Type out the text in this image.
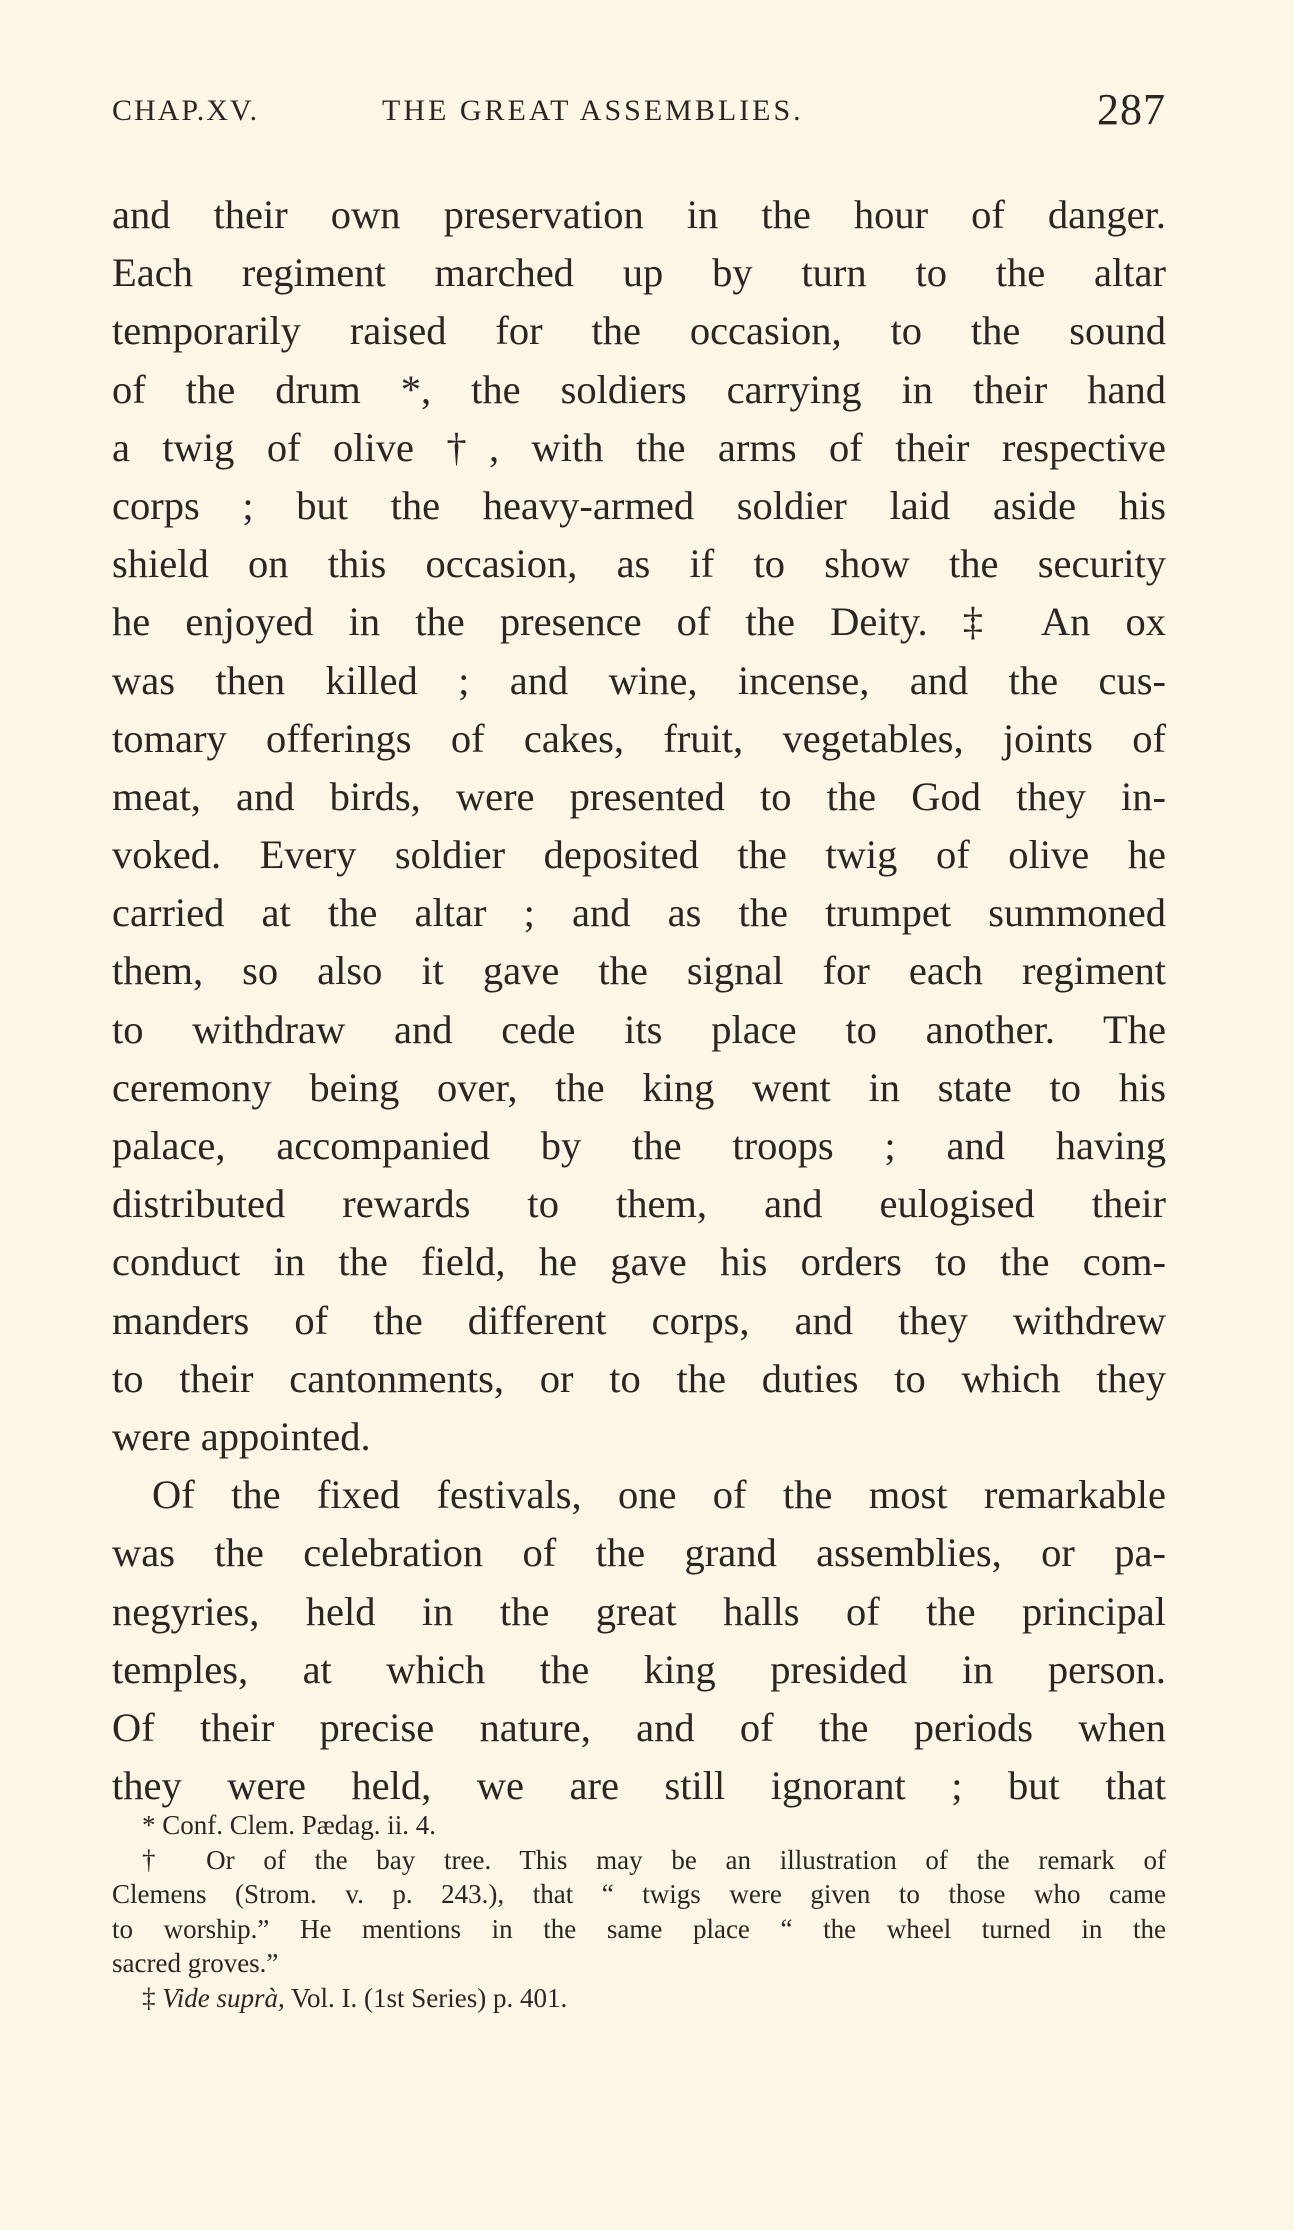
CHAP.XV.	THE GREAT ASSEMBLIES.	287
and their own preservation in the hour of danger.
Each regiment marched up by turn to the altar
temporarily raised for the occasion, to the sound
of the drum *, the soldiers carrying in their hand
a twig of olive †, with the arms of their respective
corps ; but the heavy-armed soldier laid aside his
shield on this occasion, as if to show the security
he enjoyed in the presence of the Deity. ‡ An ox
was then killed ; and wine, incense, and the cus-
tomary offerings of cakes, fruit, vegetables, joints of
meat, and birds, were presented to the God they in-
voked. Every soldier deposited the twig of olive he
carried at the altar ; and as the trumpet summoned
them, so also it gave the signal for each regiment
to withdraw and cede its place to another. The
ceremony being over, the king went in state to his
palace, accompanied by the troops ; and having
distributed rewards to them, and eulogised their
conduct in the field, he gave his orders to the com-
manders of the different corps, and they withdrew
to their cantonments, or to the duties to which they
were appointed.
Of the fixed festivals, one of the most remarkable
was the celebration of the grand assemblies, or pa-
negyries, held in the great halls of the principal
temples, at which the king presided in person.
Of their precise nature, and of the periods when
they were held, we are still ignorant ; but that
* Conf. Clem. Pædag. ii. 4.
† Or of the bay tree. This may be an illustration of the remark of
Clemens (Strom. v. p. 243.), that “ twigs were given to those who came
to worship.” He mentions in the same place “ the wheel turned in the
sacred groves.”
‡ Vide suprà, Vol. I. (1st Series) p. 401.
